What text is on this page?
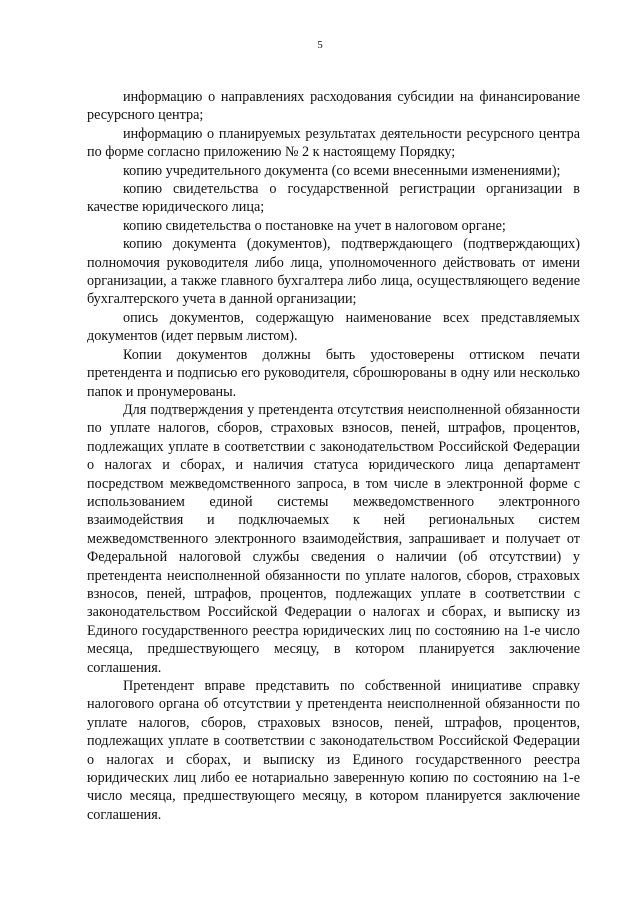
5

информацию о направлениях расходования субсидии на финансирование ресурсного центра;

информацию о планируемых результатах деятельности ресурсного центра по форме согласно приложению № 2 к настоящему Порядку;

копию учредительного документа (со всеми внесенными изменениями);

копию свидетельства о государственной регистрации организации в качестве юридического лица;

копию свидетельства о постановке на учет в налоговом органе;

копию документа (документов), подтверждающего (подтверждающих) полномочия руководителя либо лица, уполномоченного действовать от имени организации, а также главного бухгалтера либо лица, осуществляющего ведение бухгалтерского учета в данной организации;

опись документов, содержащую наименование всех представляемых документов (идет первым листом).

Копии документов должны быть удостоверены оттиском печати претендента и подписью его руководителя, сброшюрованы в одну или несколько папок и пронумерованы.

Для подтверждения у претендента отсутствия неисполненной обязанности по уплате налогов, сборов, страховых взносов, пеней, штрафов, процентов, подлежащих уплате в соответствии с законодательством Российской Федерации о налогах и сборах, и наличия статуса юридического лица департамент посредством межведомственного запроса, в том числе в электронной форме с использованием единой системы межведомственного электронного взаимодействия и подключаемых к ней региональных систем межведомственного электронного взаимодействия, запрашивает и получает от Федеральной налоговой службы сведения о наличии (об отсутствии) у претендента неисполненной обязанности по уплате налогов, сборов, страховых взносов, пеней, штрафов, процентов, подлежащих уплате в соответствии с законодательством Российской Федерации о налогах и сборах, и выписку из Единого государственного реестра юридических лиц по состоянию на 1-е число месяца, предшествующего месяцу, в котором планируется заключение соглашения.

Претендент вправе представить по собственной инициативе справку налогового органа об отсутствии у претендента неисполненной обязанности по уплате налогов, сборов, страховых взносов, пеней, штрафов, процентов, подлежащих уплате в соответствии с законодательством Российской Федерации о налогах и сборах, и выписку из Единого государственного реестра юридических лиц либо ее нотариально заверенную копию по состоянию на 1-е число месяца, предшествующего месяцу, в котором планируется заключение соглашения.
